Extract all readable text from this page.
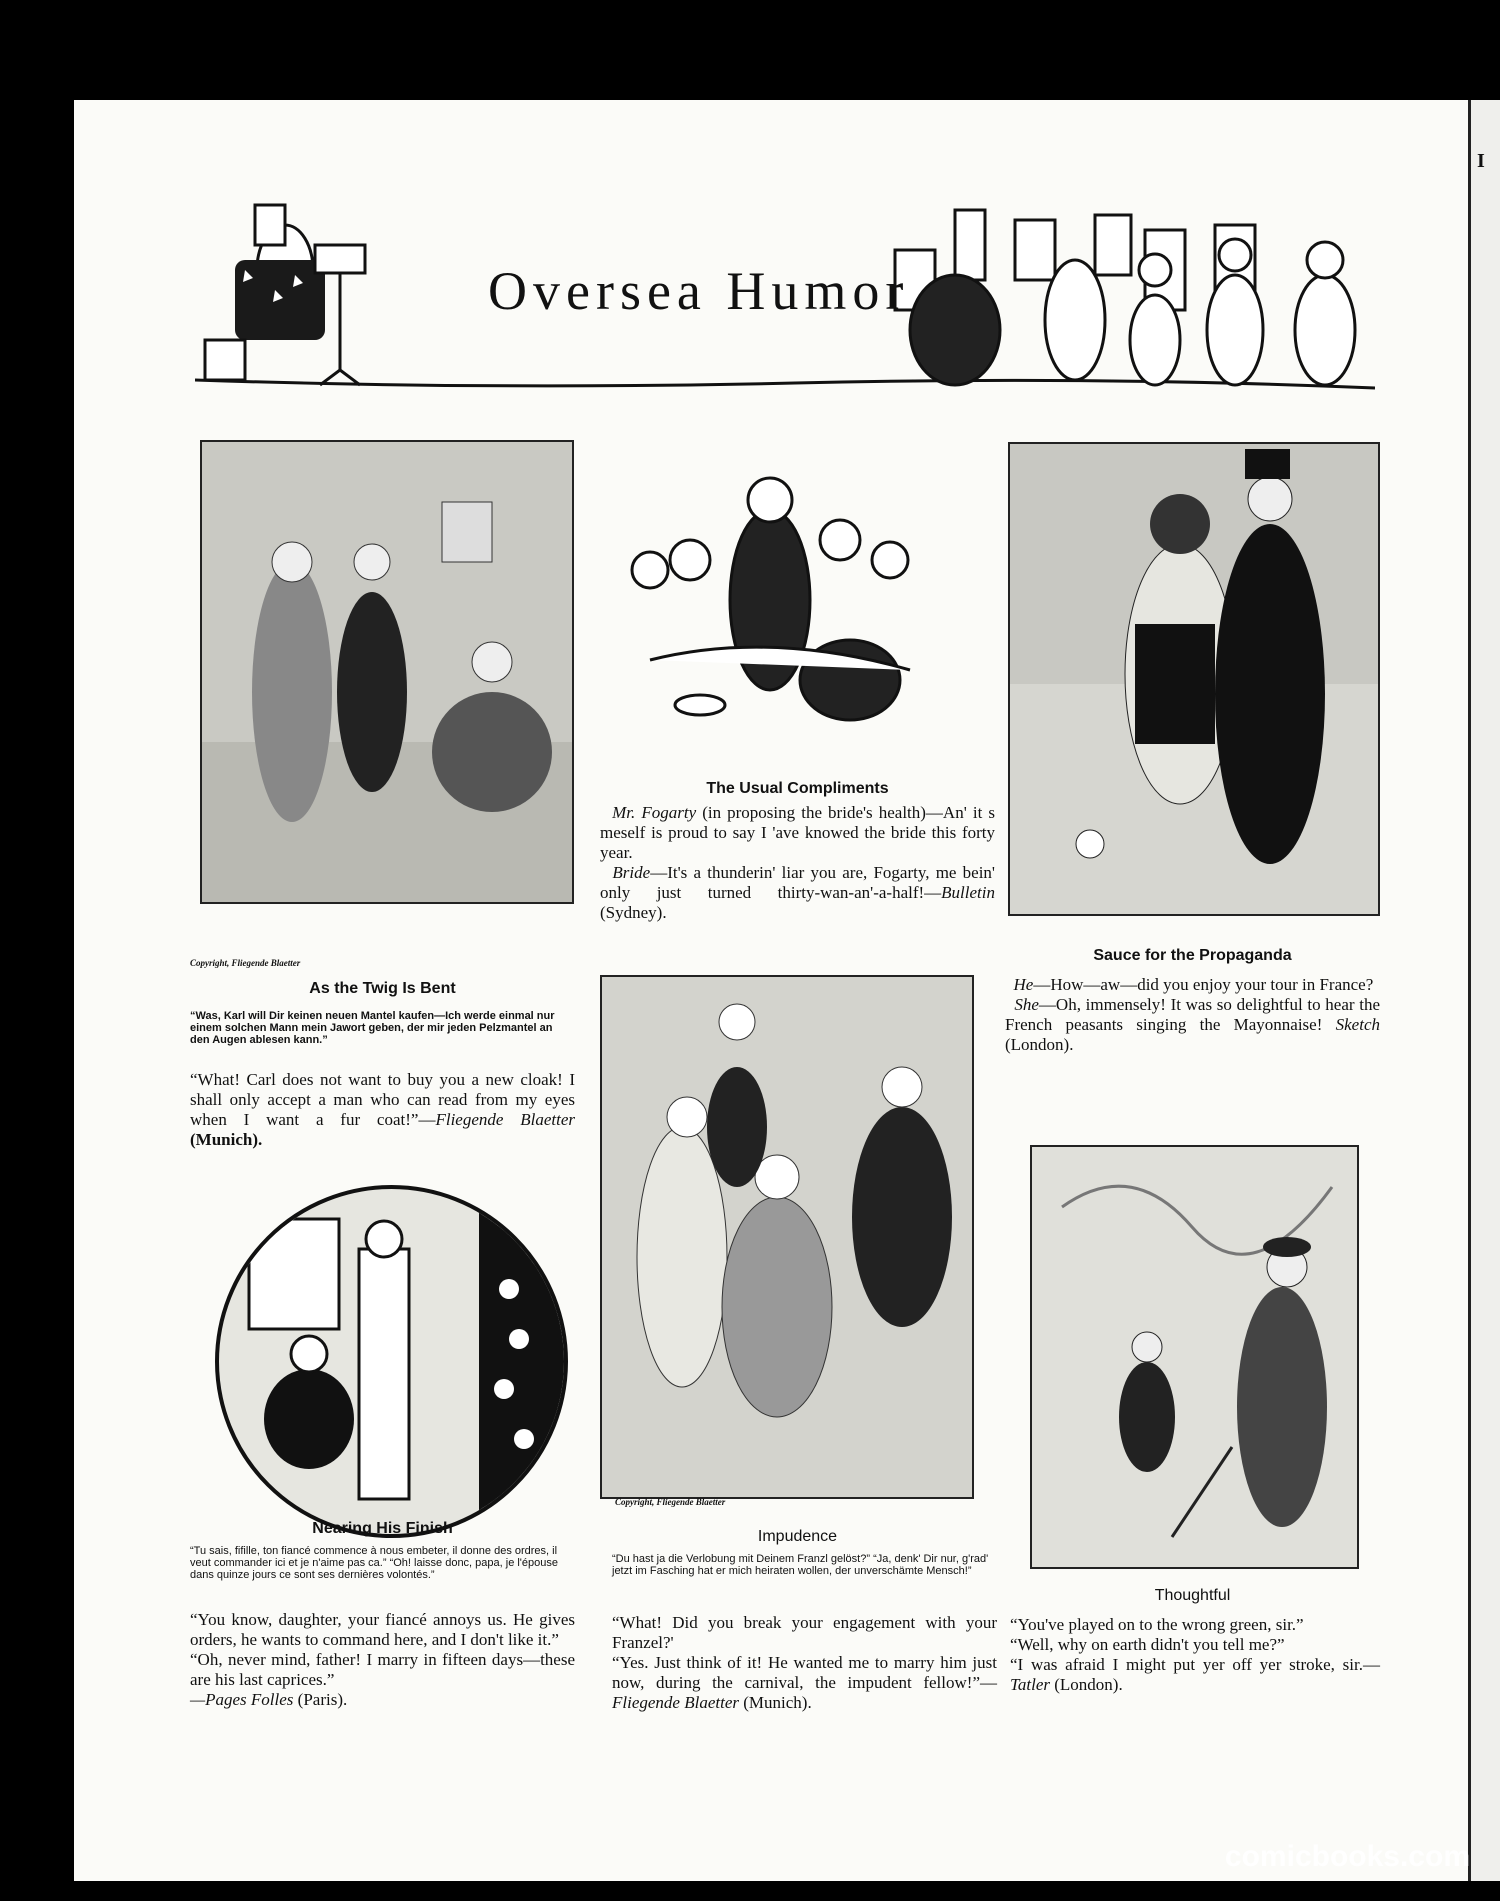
I
Oversea Humor
Copyright, Fliegende Blaetter
As the Twig Is Bent
“Was, Karl will Dir keinen neuen Mantel kaufen—Ich werde einmal nur einem solchen Mann mein Jawort geben, der mir jeden Pelzmantel an den Augen ablesen kann.”
“What! Carl does not want to buy you a new cloak! I shall only accept a man who can read from my eyes when I want a fur coat!”—Fliegende Blaetter (Munich).
Nearing His Finish
“Tu sais, fifille, ton fiancé commence à nous embeter, il donne des ordres, il veut commander ici et je n'aime pas ca.” “Oh! laisse donc, papa, je l'épouse dans quinze jours ce sont ses dernières volontés.”
“You know, daughter, your fiancé annoys us. He gives orders, he wants to command here, and I don't like it.”
“Oh, never mind, father! I marry in fifteen days—these are his last caprices.”
—Pages Folles (Paris).
The Usual Compliments
Mr. Fogarty (in proposing the bride's health)—An' it s meself is proud to say I 'ave knowed the bride this forty year.
Bride—It's a thunderin' liar you are, Fogarty, me bein' only just turned thirty-wan-an'-a-half!—Bulletin (Sydney).
Copyright, Fliegende Blaetter
Impudence
“Du hast ja die Verlobung mit Deinem Franzl gelöst?” “Ja, denk' Dir nur, g'rad' jetzt im Fasching hat er mich heiraten wollen, der unverschämte Mensch!”
“What! Did you break your engagement with your Franzel?'
“Yes. Just think of it! He wanted me to marry him just now, during the carnival, the impudent fellow!”—Fliegende Blaetter (Munich).
Sauce for the Propaganda
He—How—aw—did you enjoy your tour in France?
She—Oh, immensely! It was so delightful to hear the French peasants singing the Mayonnaise! Sketch (London).
Thoughtful
“You've played on to the wrong green, sir.”
“Well, why on earth didn't you tell me?”
“I was afraid I might put yer off yer stroke, sir.—Tatler (London).
comicbooks.com
